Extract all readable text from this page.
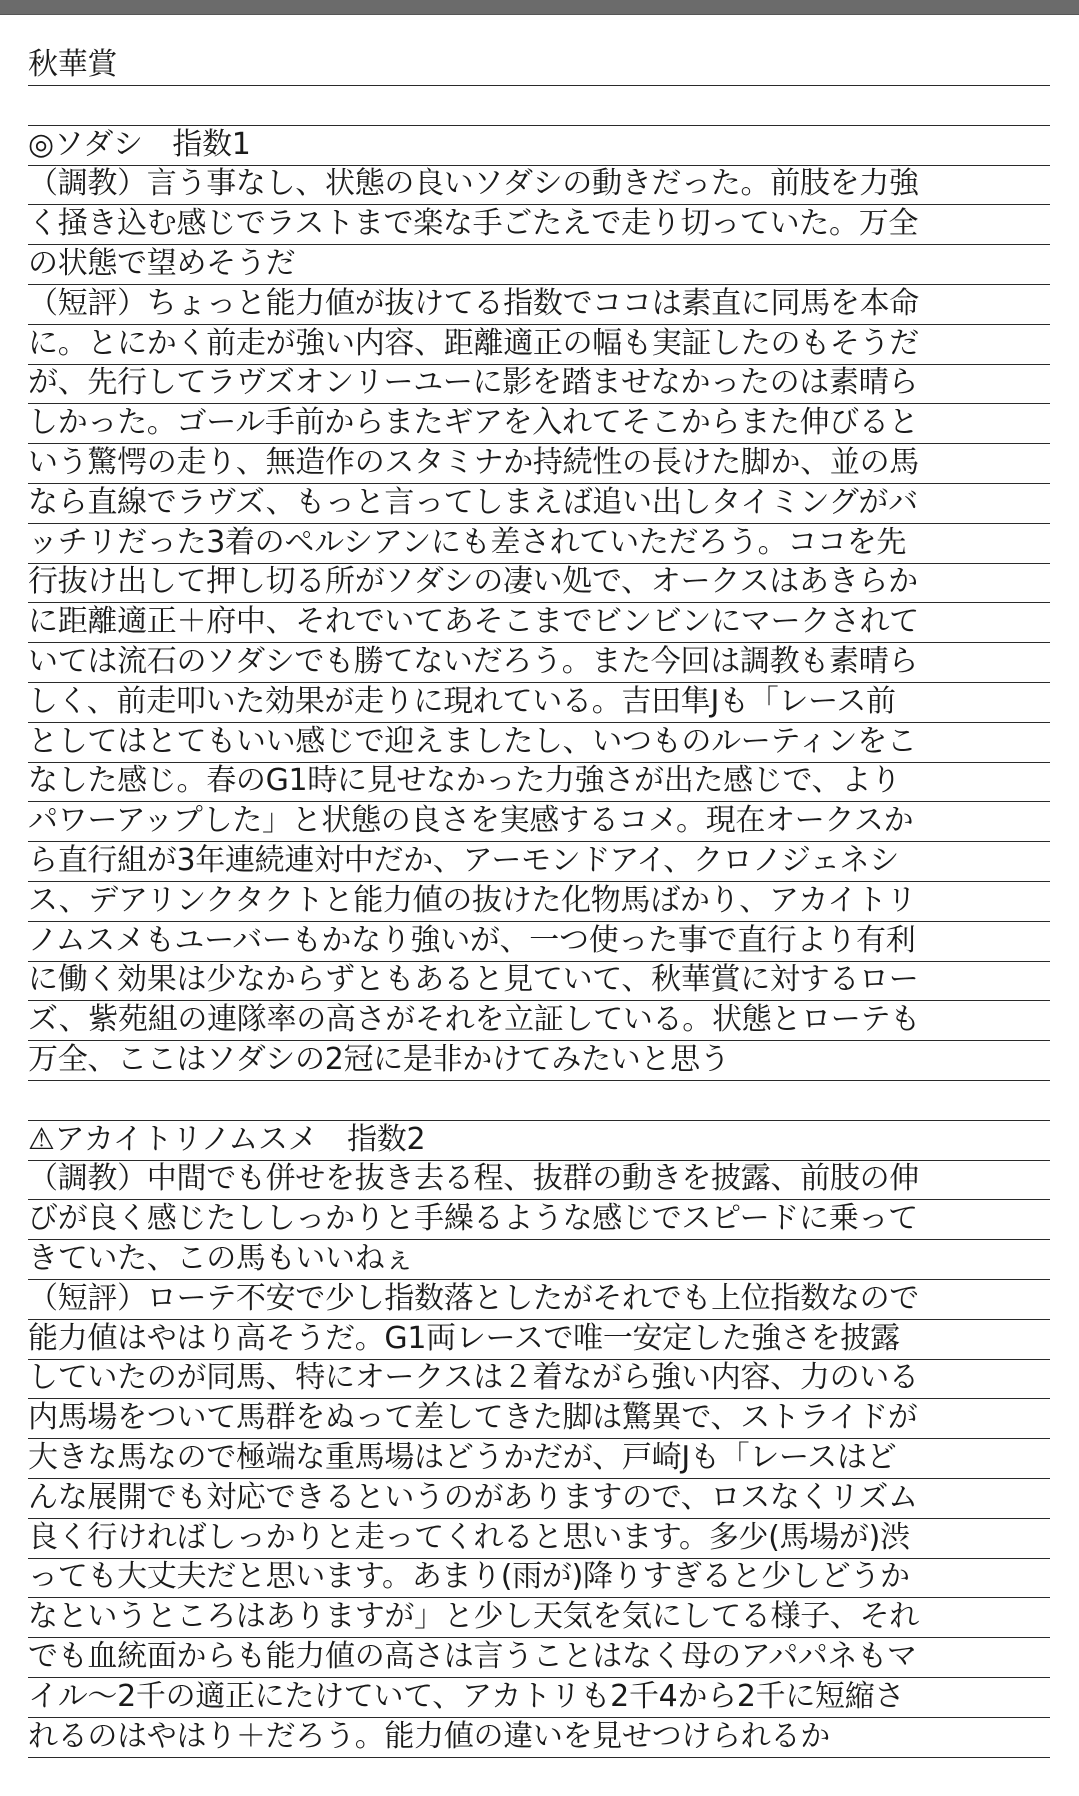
秋華賞
◎ソダシ　指数1
（調教）言う事なし、状態の良いソダシの動きだった。前肢を力強
く掻き込む感じでラストまで楽な手ごたえで走り切っていた。万全
の状態で望めそうだ
（短評）ちょっと能力値が抜けてる指数でココは素直に同馬を本命
に。とにかく前走が強い内容、距離適正の幅も実証したのもそうだ
が、先行してラヴズオンリーユーに影を踏ませなかったのは素晴ら
しかった。ゴール手前からまたギアを入れてそこからまた伸びると
いう驚愕の走り、無造作のスタミナか持続性の長けた脚か、並の馬
なら直線でラヴズ、もっと言ってしまえば追い出しタイミングがバ
ッチリだった3着のペルシアンにも差されていただろう。ココを先
行抜け出して押し切る所がソダシの凄い処で、オークスはあきらか
に距離適正＋府中、それでいてあそこまでビンビンにマークされて
いては流石のソダシでも勝てないだろう。また今回は調教も素晴ら
しく、前走叩いた効果が走りに現れている。吉田隼Jも「レース前
としてはとてもいい感じで迎えましたし、いつものルーティンをこ
なした感じ。春のG1時に見せなかった力強さが出た感じで、より
パワーアップした」と状態の良さを実感するコメ。現在オークスか
ら直行組が3年連続連対中だか、アーモンドアイ、クロノジェネシ
ス、デアリンクタクトと能力値の抜けた化物馬ばかり、アカイトリ
ノムスメもユーバーもかなり強いが、一つ使った事で直行より有利
に働く効果は少なからずともあると見ていて、秋華賞に対するロー
ズ、紫苑組の連隊率の高さがそれを立証している。状態とローテも
万全、ここはソダシの2冠に是非かけてみたいと思う
⚠アカイトリノムスメ　指数2
（調教）中間でも併せを抜き去る程、抜群の動きを披露、前肢の伸
びが良く感じたししっかりと手繰るような感じでスピードに乗って
きていた、この馬もいいねぇ
（短評）ローテ不安で少し指数落としたがそれでも上位指数なので
能力値はやはり高そうだ。G1両レースで唯一安定した強さを披露
していたのが同馬、特にオークスは２着ながら強い内容、力のいる
内馬場をついて馬群をぬって差してきた脚は驚異で、ストライドが
大きな馬なので極端な重馬場はどうかだが、戸崎Jも「レースはど
んな展開でも対応できるというのがありますので、ロスなくリズム
良く行ければしっかりと走ってくれると思います。多少(馬場が)渋
っても大丈夫だと思います。あまり(雨が)降りすぎると少しどうか
なというところはありますが」と少し天気を気にしてる様子、それ
でも血統面からも能力値の高さは言うことはなく母のアパパネもマ
イル〜2千の適正にたけていて、アカトリも2千4から2千に短縮さ
れるのはやはり＋だろう。能力値の違いを見せつけられるか
